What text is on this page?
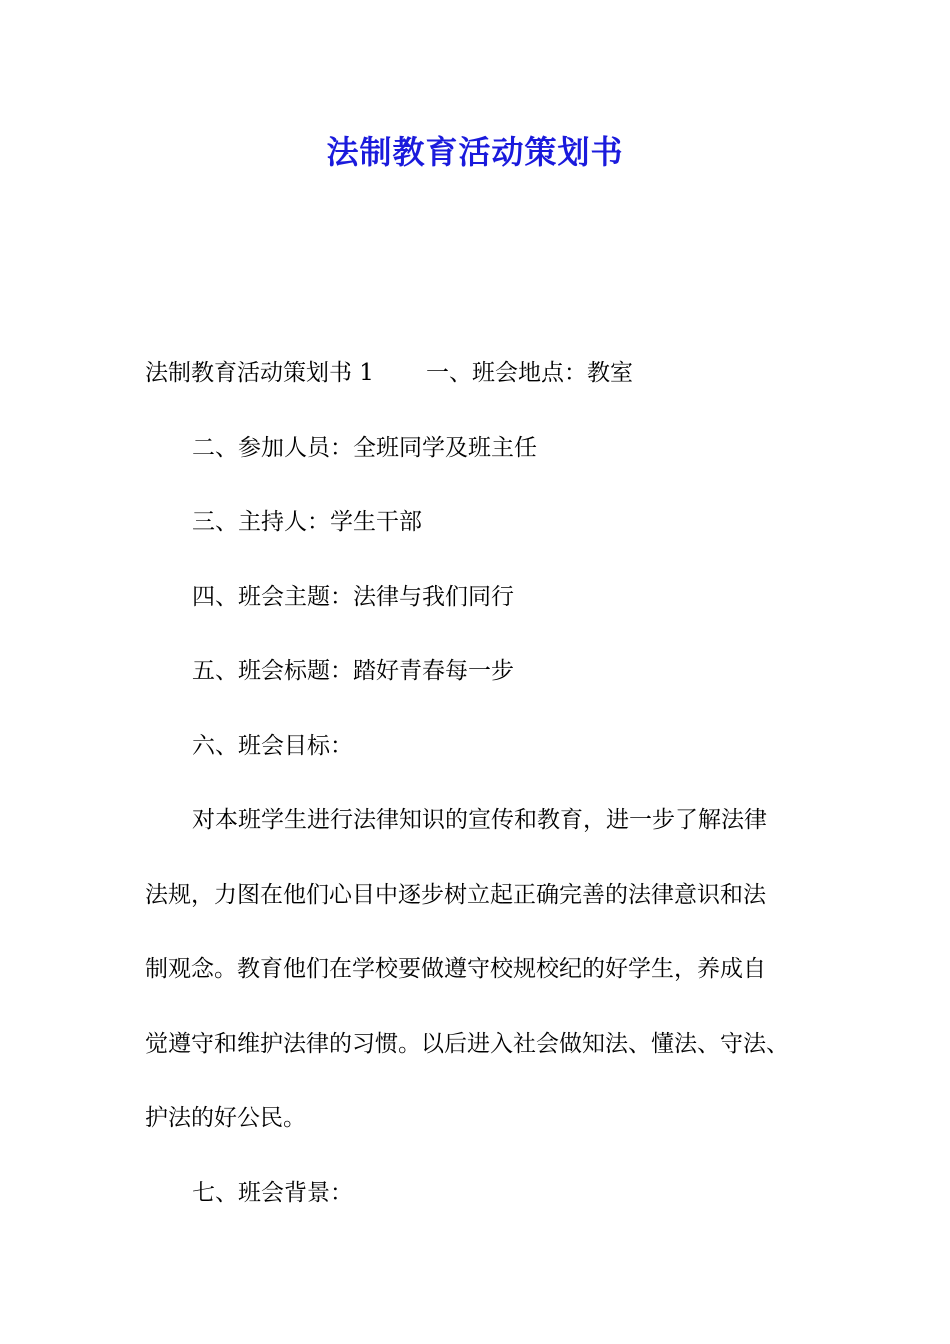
法制教育活动策划书
法制教育活动策划书 1 一、班会地点：教室
二、参加人员：全班同学及班主任
三、主持人：学生干部
四、班会主题：法律与我们同行
五、班会标题：踏好青春每一步
六、班会目标：
对本班学生进行法律知识的宣传和教育，进一步了解法律
法规，力图在他们心目中逐步树立起正确完善的法律意识和法
制观念。教育他们在学校要做遵守校规校纪的好学生，养成自
觉遵守和维护法律的习惯。以后进入社会做知法、懂法、守法、
护法的好公民。
七、班会背景：
